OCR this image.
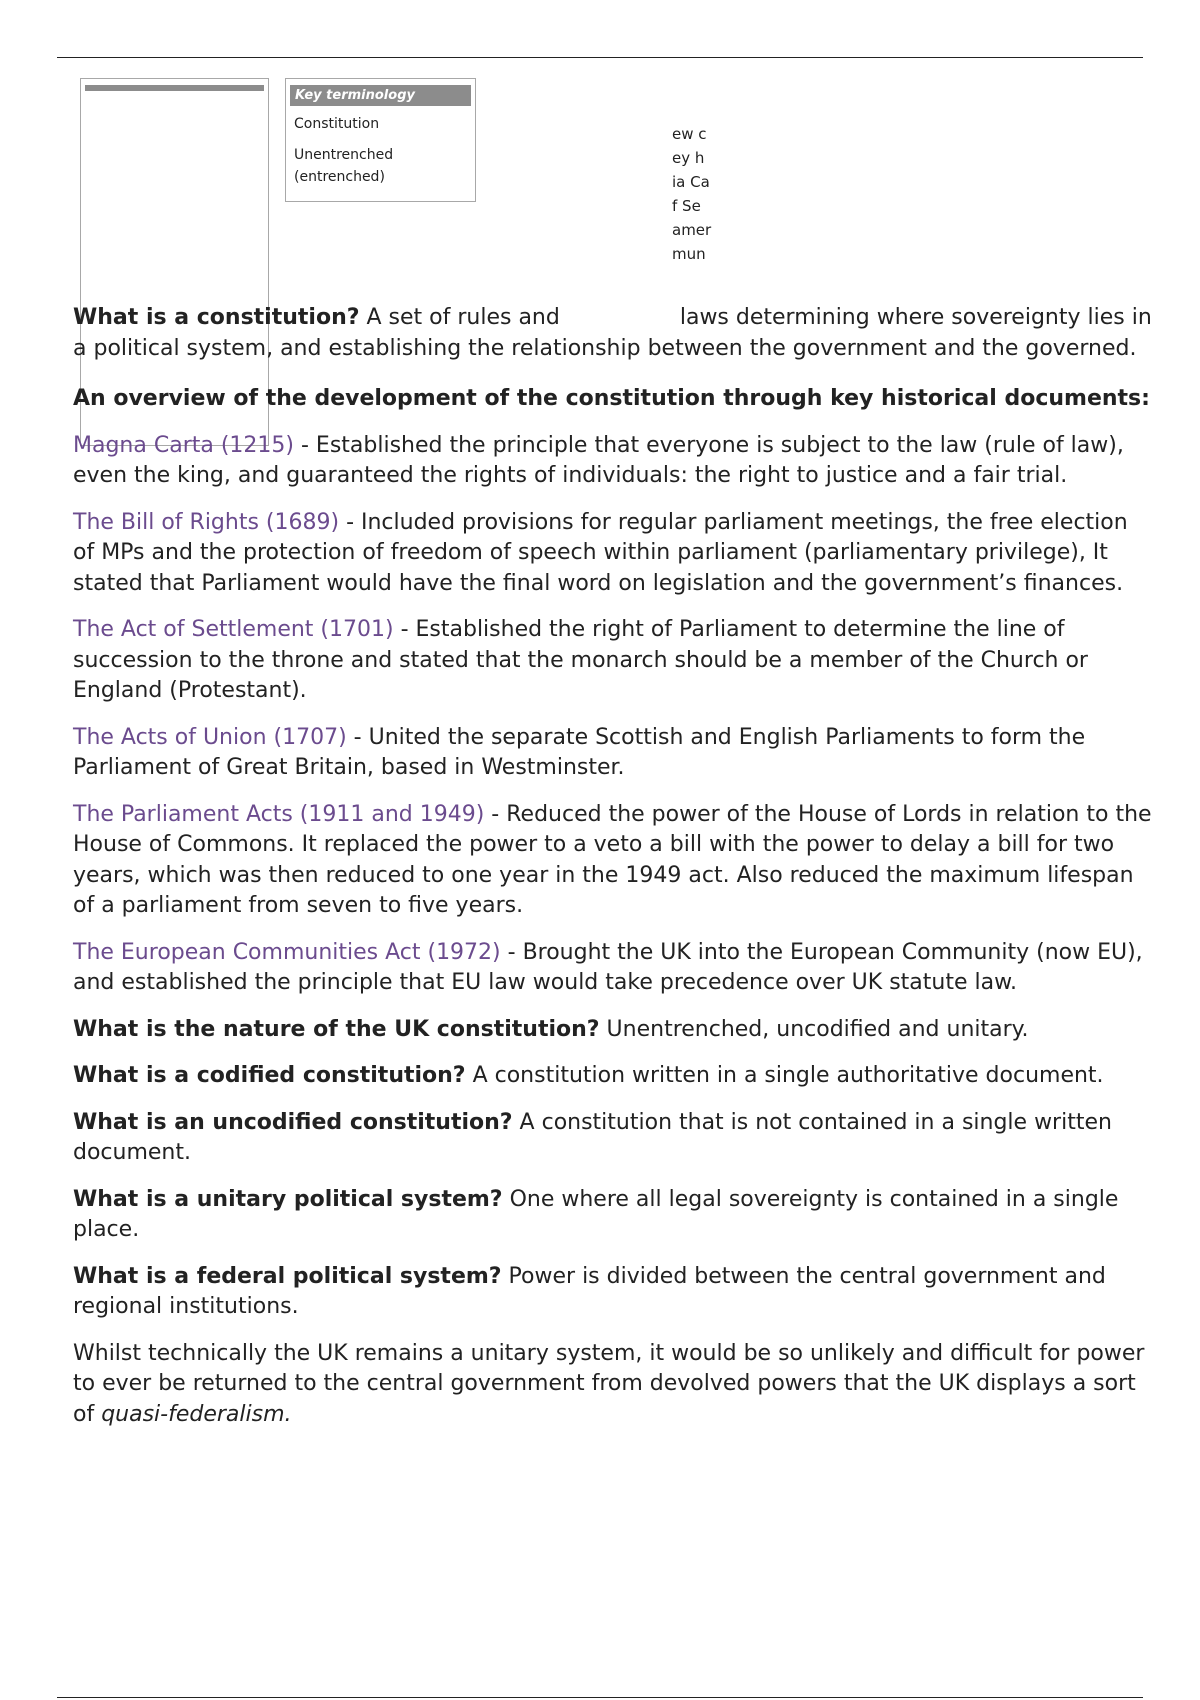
Key terminology
Constitution
Unentrenched (entrenched)
ew c
ey h
ia Ca
f Se
amer
mun

What is a constitution? A set of rules and	laws determining where sovereignty lies in a political system, and establishing the relationship between the government and the governed.

An overview of the development of the constitution through key historical documents:

Magna Carta (1215) - Established the principle that everyone is subject to the law (rule of law), even the king, and guaranteed the rights of individuals: the right to justice and a fair trial.

The Bill of Rights (1689) - Included provisions for regular parliament meetings, the free election of MPs and the protection of freedom of speech within parliament (parliamentary privilege), It stated that Parliament would have the final word on legislation and the government’s finances.

The Act of Settlement (1701) - Established the right of Parliament to determine the line of succession to the throne and stated that the monarch should be a member of the Church or England (Protestant).

The Acts of Union (1707) - United the separate Scottish and English Parliaments to form the Parliament of Great Britain, based in Westminster.

The Parliament Acts (1911 and 1949) - Reduced the power of the House of Lords in relation to the House of Commons. It replaced the power to a veto a bill with the power to delay a bill for two years, which was then reduced to one year in the 1949 act. Also reduced the maximum lifespan of a parliament from seven to five years.

The European Communities Act (1972) - Brought the UK into the European Community (now EU), and established the principle that EU law would take precedence over UK statute law.

What is the nature of the UK constitution? Unentrenched, uncodified and unitary.

What is a codified constitution? A constitution written in a single authoritative document.

What is an uncodified constitution? A constitution that is not contained in a single written document.

What is a unitary political system? One where all legal sovereignty is contained in a single place.

What is a federal political system? Power is divided between the central government and regional institutions.

Whilst technically the UK remains a unitary system, it would be so unlikely and difficult for power to ever be returned to the central government from devolved powers that the UK displays a sort of quasi-federalism.
